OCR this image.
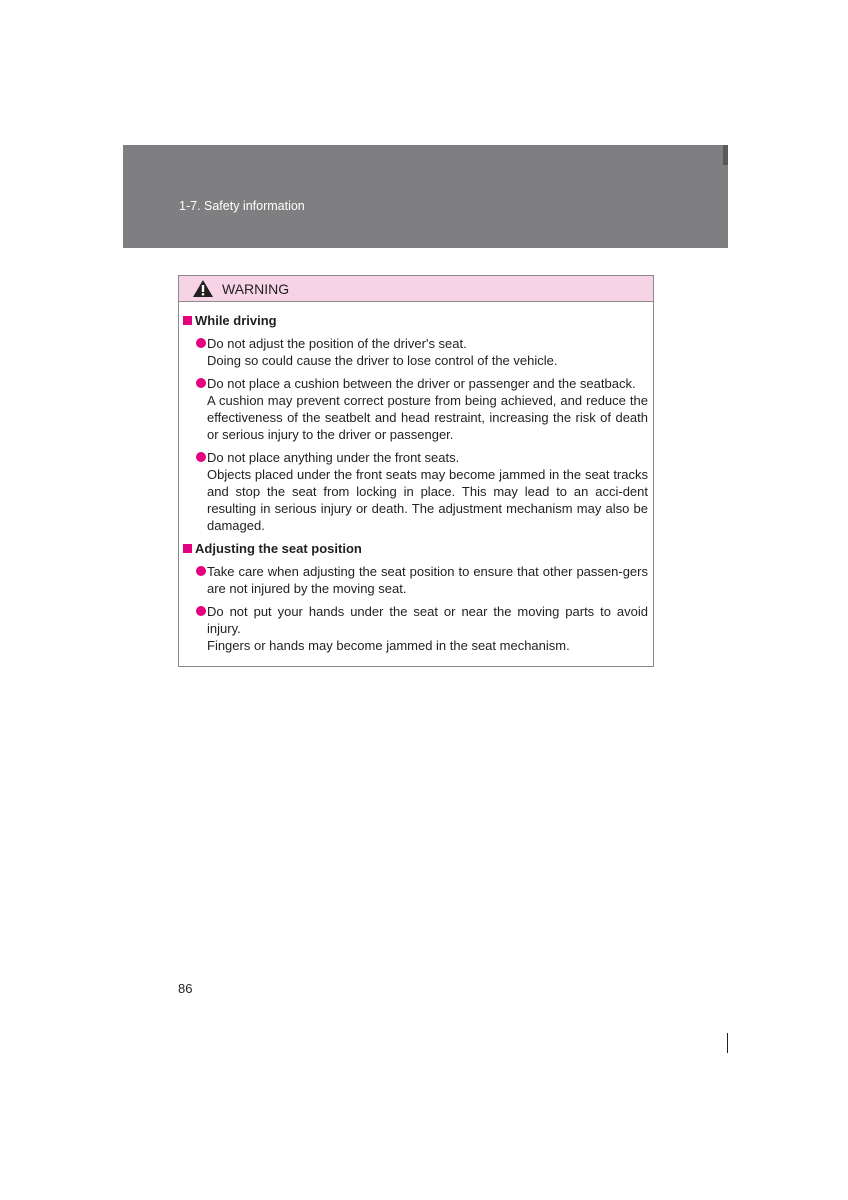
1-7. Safety information
WARNING
While driving

Do not adjust the position of the driver's seat.

Doing so could cause the driver to lose control of the vehicle.

Do not place a cushion between the driver or passenger and the seatback.

A cushion may prevent correct posture from being achieved, and reduce the effectiveness of the seatbelt and head restraint, increasing the risk of death or serious injury to the driver or passenger.

Do not place anything under the front seats.

Objects placed under the front seats may become jammed in the seat tracks and stop the seat from locking in place. This may lead to an acci-dent resulting in serious injury or death. The adjustment mechanism may also be damaged.

Adjusting the seat position

Take care when adjusting the seat position to ensure that other passen-gers are not injured by the moving seat.

Do not put your hands under the seat or near the moving parts to avoid injury.

Fingers or hands may become jammed in the seat mechanism.

86
